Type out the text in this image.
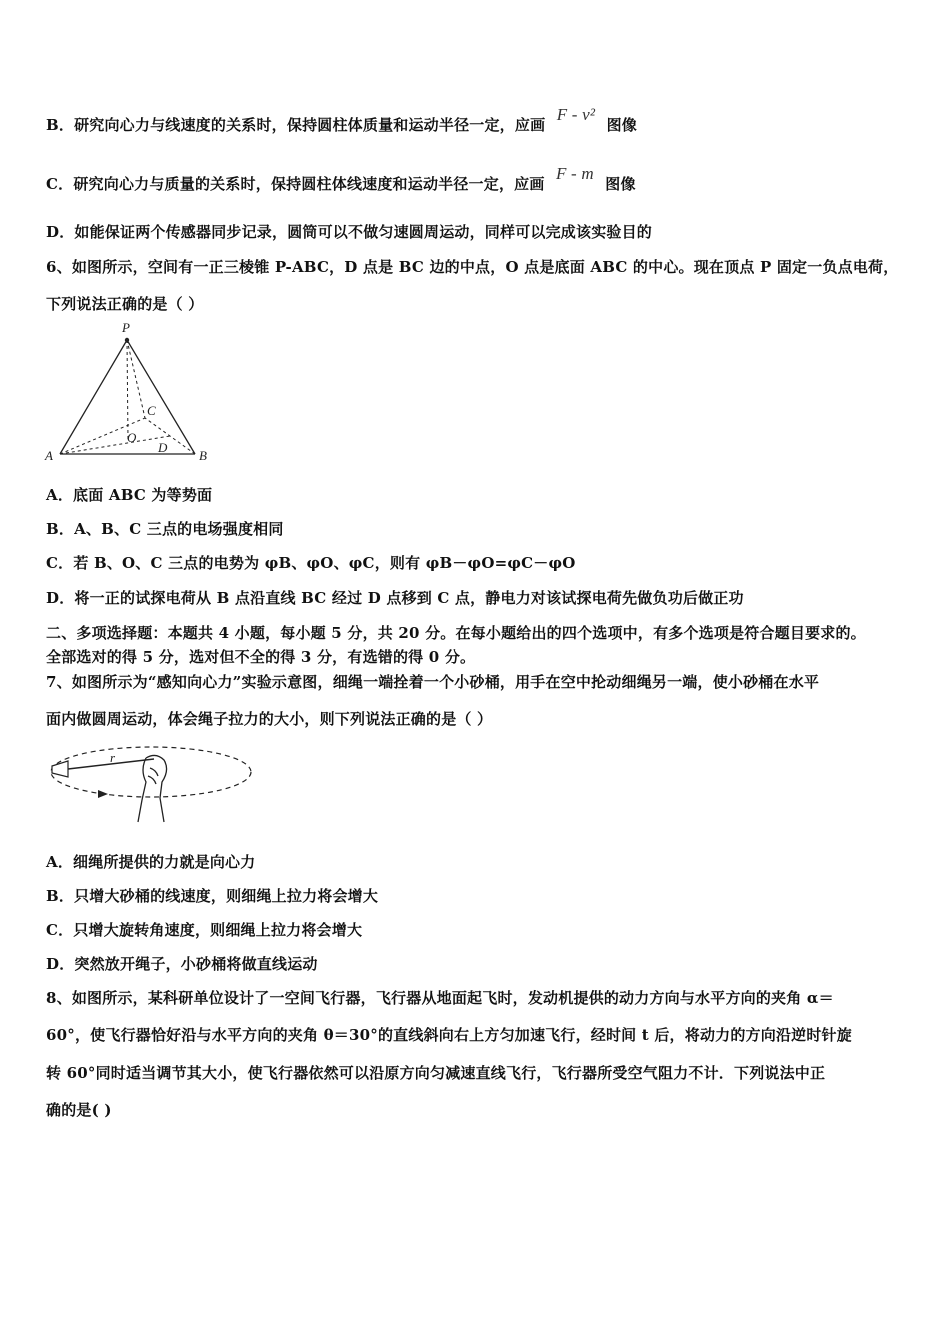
B．研究向心力与线速度的关系时，保持圆柱体质量和运动半径一定，应画 F - v² 图像
C．研究向心力与质量的关系时，保持圆柱体线速度和运动半径一定，应画 F - m 图像
D．如能保证两个传感器同步记录，圆筒可以不做匀速圆周运动，同样可以完成该实验目的
6、如图所示，空间有一正三棱锥 P-ABC，D 点是 BC 边的中点，O 点是底面 ABC 的中心。现在顶点 P 固定一负点电荷，
下列说法正确的是（ ）
P
A	B
C
O
D
A．底面 ABC 为等势面
B．A、B、C 三点的电场强度相同
C．若 B、O、C 三点的电势为 φB、φO、φC，则有 φB－φO=φC－φO
D．将一正的试探电荷从 B 点沿直线 BC 经过 D 点移到 C 点，静电力对该试探电荷先做负功后做正功
二、多项选择题：本题共 4 小题，每小题 5 分，共 20 分。在每小题给出的四个选项中，有多个选项是符合题目要求的。
全部选对的得 5 分，选对但不全的得 3 分，有选错的得 0 分。
7、如图所示为“感知向心力”实验示意图，细绳一端拴着一个小砂桶，用手在空中抡动细绳另一端，使小砂桶在水平
面内做圆周运动，体会绳子拉力的大小，则下列说法正确的是（ ）
r
A．细绳所提供的力就是向心力
B．只增大砂桶的线速度，则细绳上拉力将会增大
C．只增大旋转角速度，则细绳上拉力将会增大
D．突然放开绳子，小砂桶将做直线运动
8、如图所示，某科研单位设计了一空间飞行器，飞行器从地面起飞时，发动机提供的动力方向与水平方向的夹角 α＝
60°，使飞行器恰好沿与水平方向的夹角 θ＝30°的直线斜向右上方匀加速飞行，经时间 t 后，将动力的方向沿逆时针旋
转 60°同时适当调节其大小，使飞行器依然可以沿原方向匀减速直线飞行，飞行器所受空气阻力不计．下列说法中正
确的是( )
